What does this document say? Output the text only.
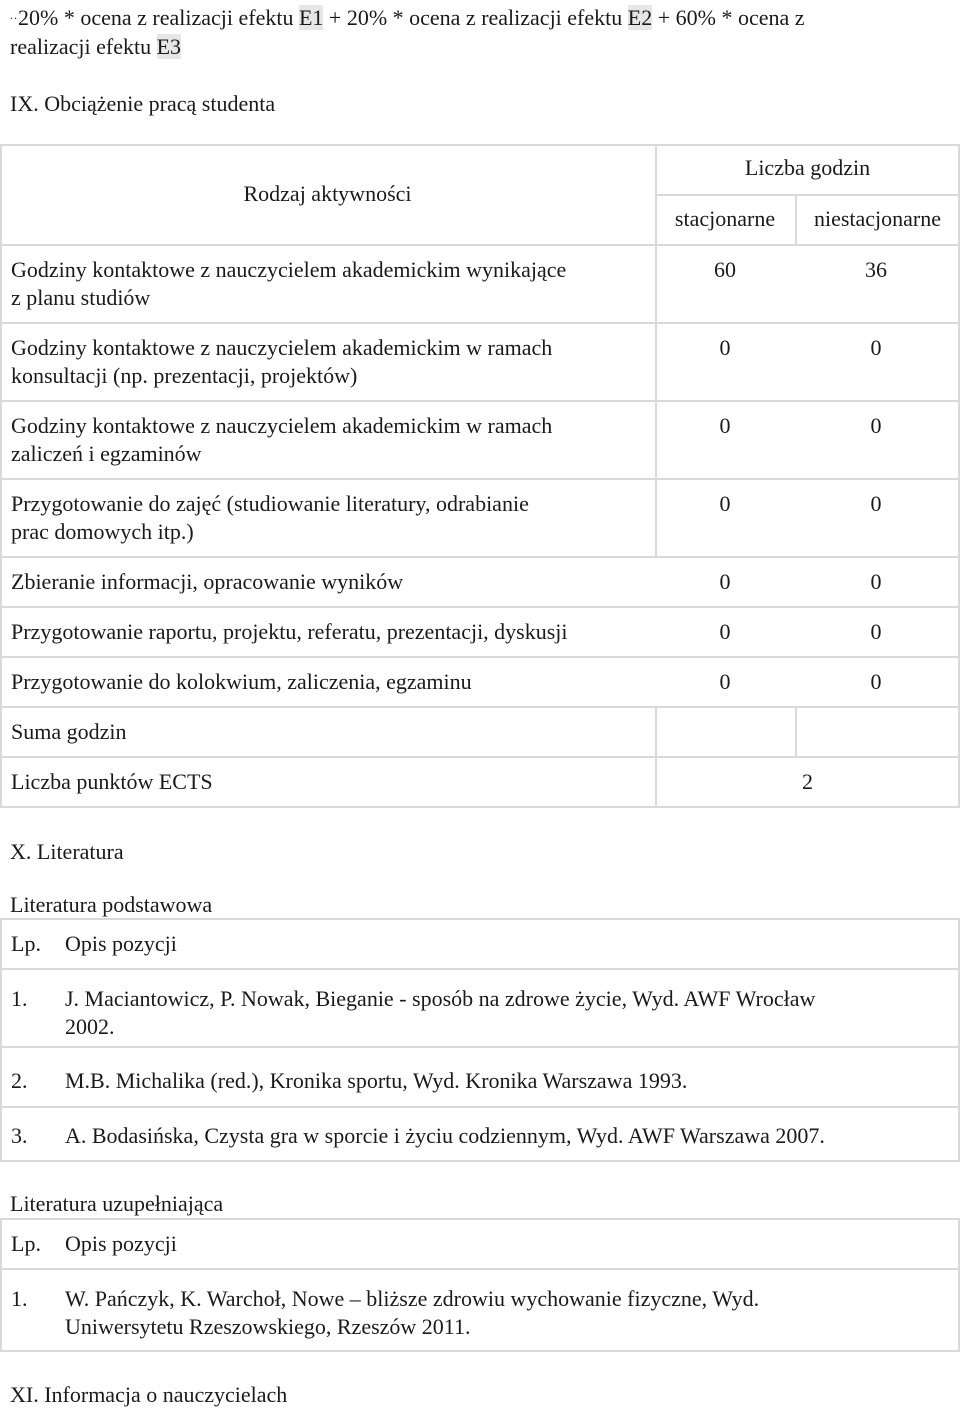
..20% * ocena z realizacji efektu E1 + 20% * ocena z realizacji efektu E2 + 60% * ocena z
realizacji efektu E3
IX. Obciążenie pracą studenta
Rodzaj aktywności
Liczba godzin
stacjonarne	niestacjonarne
Godziny kontaktowe z nauczycielem akademickim wynikające
z planu studiów
60	36
Godziny kontaktowe z nauczycielem akademickim w ramach
konsultacji (np. prezentacji, projektów)
0	0
Godziny kontaktowe z nauczycielem akademickim w ramach
zaliczeń i egzaminów
0	0
Przygotowanie do zajęć (studiowanie literatury, odrabianie
prac domowych itp.)
0	0
Zbieranie informacji, opracowanie wyników	0	0
Przygotowanie raportu, projektu, referatu, prezentacji, dyskusji	0	0
Przygotowanie do kolokwium, zaliczenia, egzaminu	0	0
Suma godzin
Liczba punktów ECTS	2
X. Literatura
Literatura podstawowa
Lp. Opis pozycji
1. J. Maciantowicz, P. Nowak, Bieganie - sposób na zdrowe życie, Wyd. AWF Wrocław
2002.
2. M.B. Michalika (red.), Kronika sportu, Wyd. Kronika Warszawa 1993.
3. A. Bodasińska, Czysta gra w sporcie i życiu codziennym, Wyd. AWF Warszawa 2007.
Literatura uzupełniająca
Lp. Opis pozycji
1. W. Pańczyk, K. Warchoł, Nowe – bliższe zdrowiu wychowanie fizyczne, Wyd.
Uniwersytetu Rzeszowskiego, Rzeszów 2011.
XI. Informacja o nauczycielach
